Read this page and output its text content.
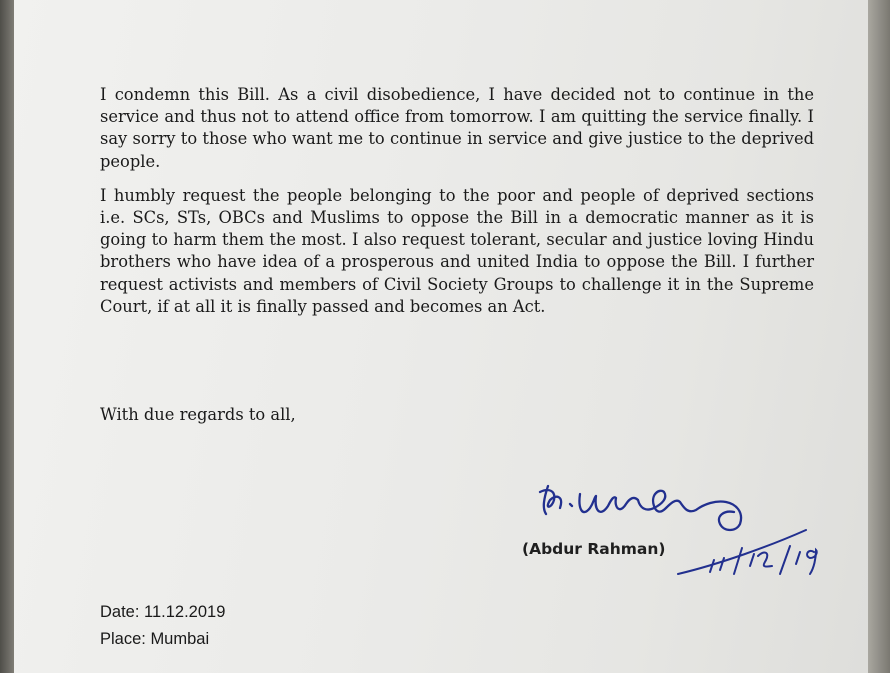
I condemn this Bill. As a civil disobedience, I have decided not to continue in the service and thus not to attend office from tomorrow. I am quitting the service finally. I say sorry to those who want me to continue in service and give justice to the deprived people.

I humbly request the people belonging to the poor and people of deprived sections i.e. SCs, STs, OBCs and Muslims to oppose the Bill in a democratic manner as it is going to harm them the most. I also request tolerant, secular and justice loving Hindu brothers who have idea of a prosperous and united India to oppose the Bill. I further request activists and members of Civil Society Groups to challenge it in the Supreme Court, if at all it is finally passed and becomes an Act.

With due regards to all,
(Abdur Rahman)
Date: 11.12.2019
Place: Mumbai
